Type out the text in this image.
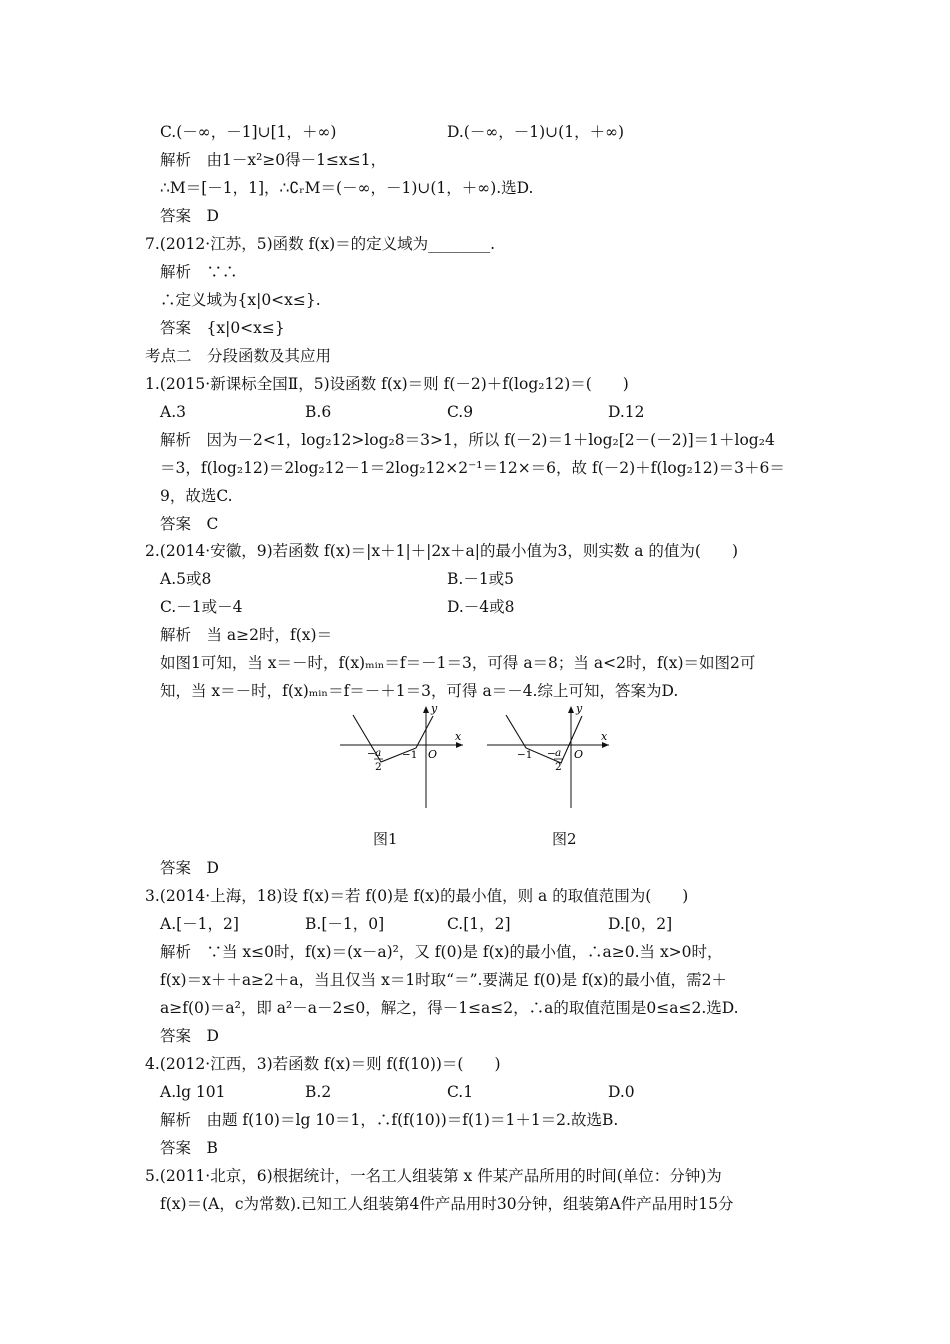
C.(－∞，－1]∪[1，＋∞)	D.(－∞，－1)∪(1，＋∞)
解析　由1－x²≥0得－1≤x≤1，
∴M＝[－1，1]，∴∁ᵣM＝(－∞，－1)∪(1，＋∞).选D.
答案　D
7.(2012·江苏，5)函数 f(x)＝的定义域为________.
解析　∵∴
∴定义域为{x|0<x≤}.
答案　{x|0<x≤}
考点二　分段函数及其应用
1.(2015·新课标全国Ⅱ，5)设函数 f(x)＝则 f(－2)＋f(log₂12)＝(　　)
A.3	B.6	C.9	D.12
解析　因为－2<1，log₂12>log₂8＝3>1，所以 f(－2)＝1＋log₂[2－(－2)]＝1＋log₂4
＝3，f(log₂12)＝2log₂12－1＝2log₂12×2⁻¹＝12×＝6，故 f(－2)＋f(log₂12)＝3＋6＝
9，故选C.
答案　C
2.(2014·安徽，9)若函数 f(x)＝|x＋1|＋|2x＋a|的最小值为3，则实数 a 的值为(　　)
A.5或8	B.－1或5
C.－1或－4	D.－4或8
解析　当 a≥2时，f(x)＝
如图1可知，当 x＝－时，f(x)ₘᵢₙ＝f＝－1＝3，可得 a＝8；当 a<2时，f(x)＝如图2可
知，当 x＝－时，f(x)ₘᵢₙ＝f＝－＋1＝3，可得 a＝－4.综上可知，答案为D.
x
y
− a
2
−1 O
图1
x
y
−1 − a
2
O
图2
答案　D
3.(2014·上海，18)设 f(x)＝若 f(0)是 f(x)的最小值，则 a 的取值范围为(　　)
A.[－1，2]	B.[－1，0]	C.[1，2]	D.[0，2]
解析　∵当 x≤0时，f(x)＝(x－a)²，又 f(0)是 f(x)的最小值，∴a≥0.当 x>0时，
f(x)＝x＋＋a≥2＋a，当且仅当 x＝1时取“＝”.要满足 f(0)是 f(x)的最小值，需2＋
a≥f(0)＝a²，即 a²－a－2≤0，解之，得－1≤a≤2，∴a的取值范围是0≤a≤2.选D.
答案　D
4.(2012·江西，3)若函数 f(x)＝则 f(f(10))＝(　　)
A.lg 101	B.2	C.1	D.0
解析　由题 f(10)＝lg 10＝1，∴f(f(10))＝f(1)＝1＋1＝2.故选B.
答案　B
5.(2011·北京，6)根据统计，一名工人组装第 x 件某产品所用的时间(单位：分钟)为
f(x)＝(A，c为常数).已知工人组装第4件产品用时30分钟，组装第A件产品用时15分
